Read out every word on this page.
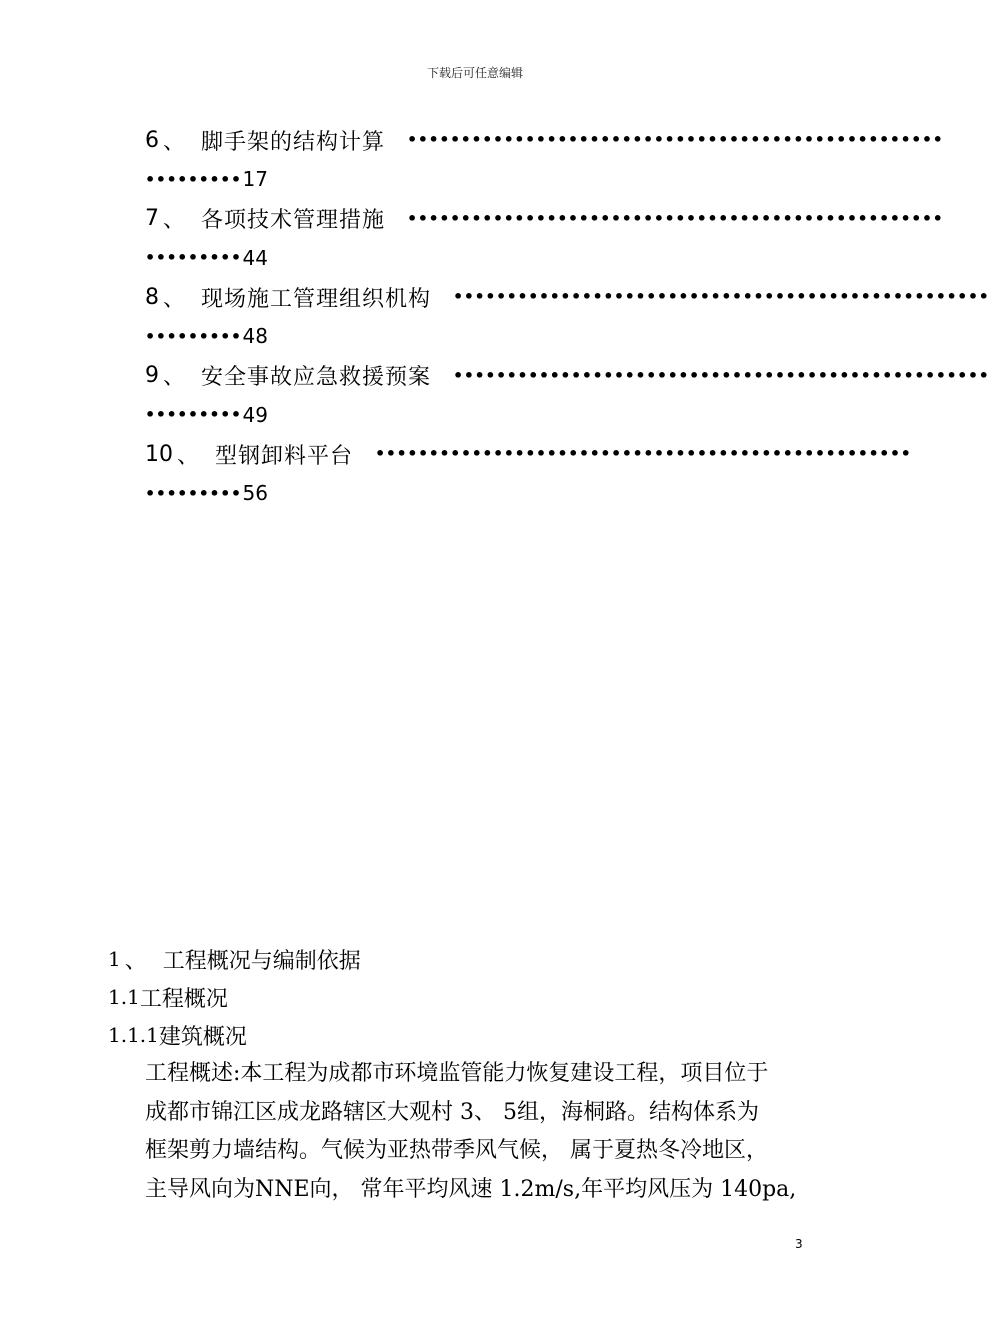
下载后可任意编辑
6 、 脚手架的结构计算 ••••••••••••••••••••••••••••••••••••••••••••••••••
••••••••• 17
7 、 各项技术管理措施 ••••••••••••••••••••••••••••••••••••••••••••••••••
••••••••• 44
8 、 现场施工管理组织机构 ••••••••••••••••••••••••••••••••••••••••••••••••••
••••••••• 48
9 、 安全事故应急救援预案 ••••••••••••••••••••••••••••••••••••••••••••••••••
••••••••• 49
10 、 型钢卸料平台 ••••••••••••••••••••••••••••••••••••••••••••••••••
••••••••• 56
1 、 工程概况与编制依据
1.1 工程概况
1.1.1 建筑概况
工程概述:本工程为成都市环境监管能力恢复建设工程，项目位于
成都市锦江区成龙路辖区大观村 3、 5组，海桐路。结构体系为
框架剪力墙结构。气候为亚热带季风气候， 属于夏热冬冷地区，
主导风向为NNE向， 常年平均风速 1.2m/s,年平均风压为 140pa,
3
